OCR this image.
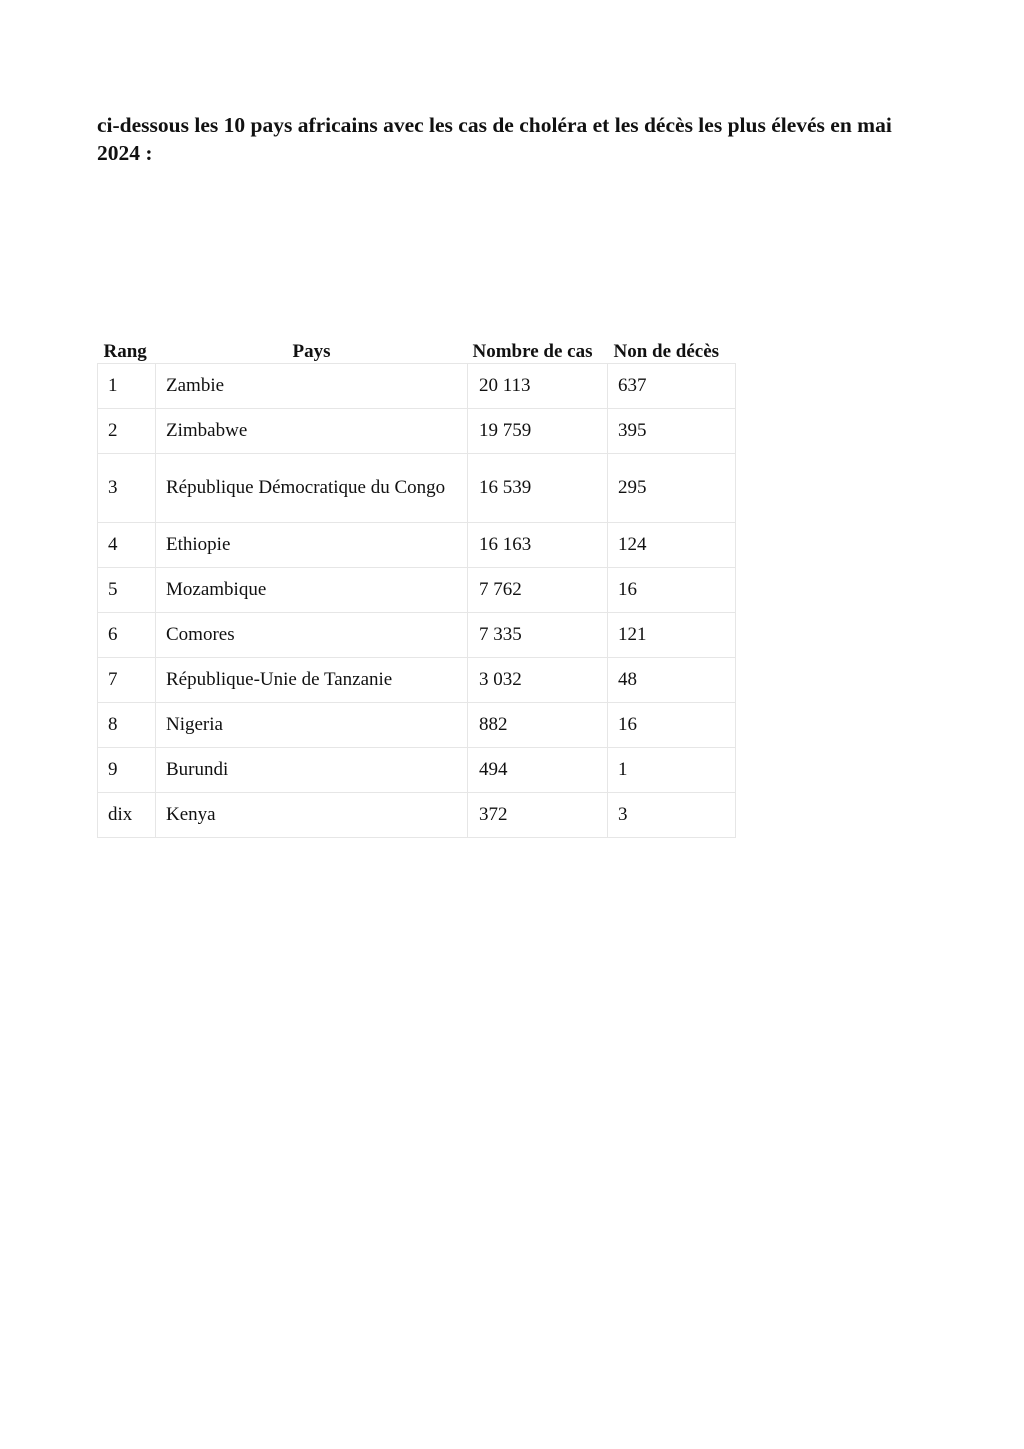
ci-dessous les 10 pays africains avec les cas de choléra et les décès les plus élevés en mai 2024 :
Rang	Pays	Nombre de cas	Non de décès
1	Zambie	20 113	637
2	Zimbabwe	19 759	395
3	République Démocratique du Congo	16 539	295
4	Ethiopie	16 163	124
5	Mozambique	7 762	16
6	Comores	7 335	121
7	République-Unie de Tanzanie	3 032	48
8	Nigeria	882	16
9	Burundi	494	1
dix	Kenya	372	3
